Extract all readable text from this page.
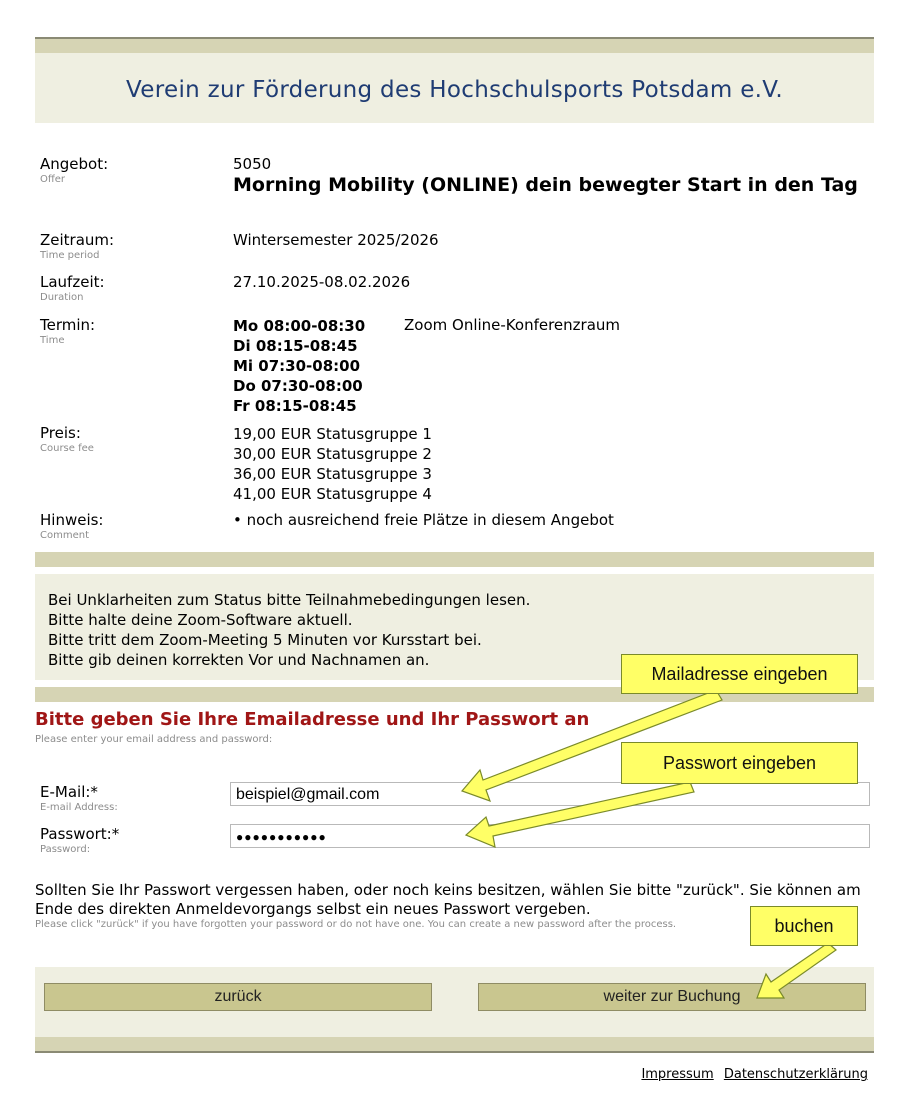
Verein zur Förderung des Hochschulsports Potsdam e.V.
Angebot:
Offer
5050
Morning Mobility (ONLINE) dein bewegter Start in den Tag
Zeitraum:
Time period
Wintersemester 2025/2026
Laufzeit:
Duration
27.10.2025-08.02.2026
Termin:
Time
Mo 08:00-08:30
Di 08:15-08:45
Mi 07:30-08:00
Do 07:30-08:00
Fr 08:15-08:45
Zoom Online-Konferenzraum
Preis:
Course fee
19,00 EUR Statusgruppe 1
30,00 EUR Statusgruppe 2
36,00 EUR Statusgruppe 3
41,00 EUR Statusgruppe 4
Hinweis:
Comment
• noch ausreichend freie Plätze in diesem Angebot
Bei Unklarheiten zum Status bitte Teilnahmebedingungen lesen.
Bitte halte deine Zoom-Software aktuell.
Bitte tritt dem Zoom-Meeting 5 Minuten vor Kursstart bei.
Bitte gib deinen korrekten Vor und Nachnamen an.
Bitte geben Sie Ihre Emailadresse und Ihr Passwort an
Please enter your email address and password:
E-Mail:*
E-mail Address:
beispiel@gmail.com
Passwort:*
Password:
●●●●●●●●●●●
Sollten Sie Ihr Passwort vergessen haben, oder noch keins besitzen, wählen Sie bitte "zurück". Sie können am Ende des direkten Anmeldevorgangs selbst ein neues Passwort vergeben.
Please click "zurück" if you have forgotten your password or do not have one. You can create a new password after the process.
zurück	weiter zur Buchung
Impressum Datenschutzerklärung
Mailadresse eingeben
Passwort eingeben
buchen
